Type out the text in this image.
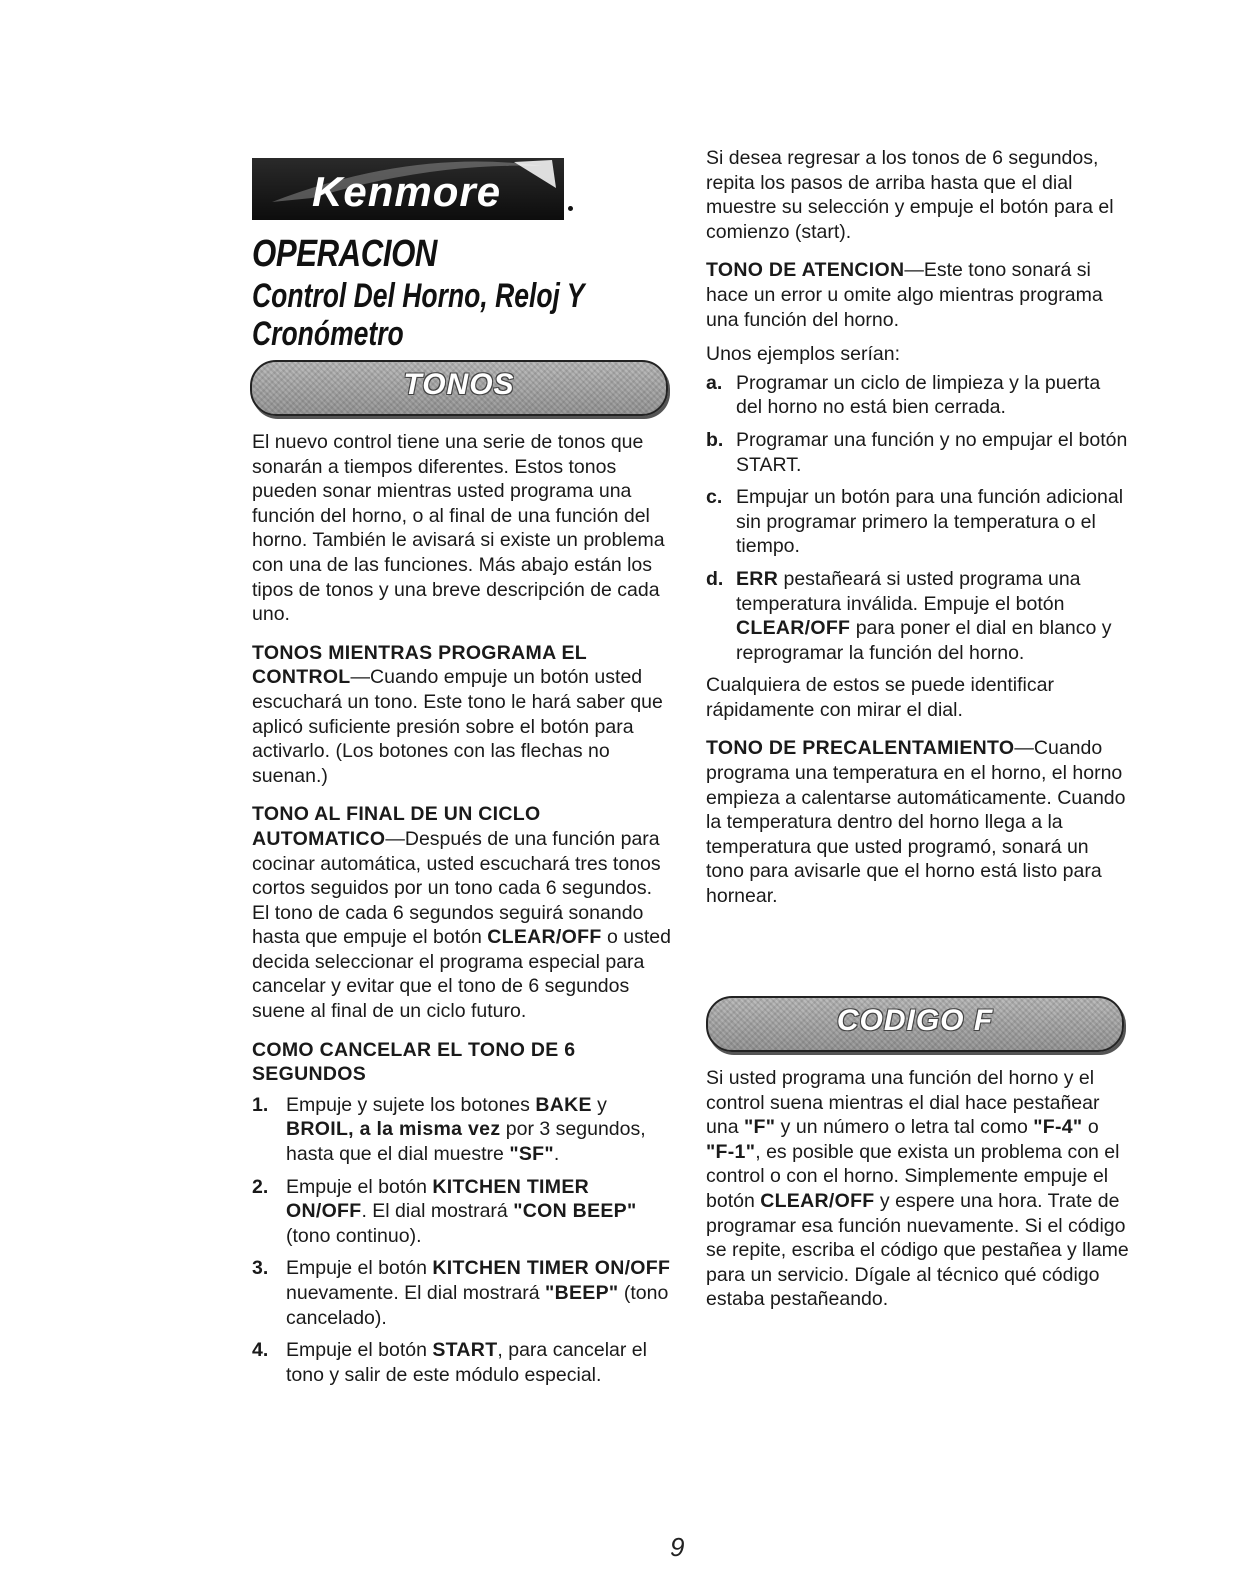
Kenmore
OPERACION
Control Del Horno, Reloj Y Cronómetro
TONOS

El nuevo control tiene una serie de tonos que sonarán a tiempos diferentes. Estos tonos pueden sonar mientras usted programa una función del horno, o al final de una función del horno. También le avisará si existe un problema con una de las funciones. Más abajo están los tipos de tonos y una breve descripción de cada uno.

TONOS MIENTRAS PROGRAMA EL CONTROL—Cuando empuje un botón usted escuchará un tono. Este tono le hará saber que aplicó suficiente presión sobre el botón para activarlo. (Los botones con las flechas no suenan.)

TONO AL FINAL DE UN CICLO AUTOMATICO—Después de una función para cocinar automática, usted escuchará tres tonos cortos seguidos por un tono cada 6 segundos. El tono de cada 6 segundos seguirá sonando hasta que empuje el botón CLEAR/OFF o usted decida seleccionar el programa especial para cancelar y evitar que el tono de 6 segundos suene al final de un ciclo futuro.

COMO CANCELAR EL TONO DE 6 SEGUNDOS

1. Empuje y sujete los botones BAKE y BROIL, a la misma vez por 3 segundos, hasta que el dial muestre "SF".
2. Empuje el botón KITCHEN TIMER ON/OFF. El dial mostrará "CON BEEP" (tono continuo).
3. Empuje el botón KITCHEN TIMER ON/OFF nuevamente. El dial mostrará "BEEP" (tono cancelado).
4. Empuje el botón START, para cancelar el tono y salir de este módulo especial.

Si desea regresar a los tonos de 6 segundos, repita los pasos de arriba hasta que el dial muestre su selección y empuje el botón para el comienzo (start).

TONO DE ATENCION—Este tono sonará si hace un error u omite algo mientras programa una función del horno.

Unos ejemplos serían:

a. Programar un ciclo de limpieza y la puerta del horno no está bien cerrada.
b. Programar una función y no empujar el botón START.
c. Empujar un botón para una función adicional sin programar primero la temperatura o el tiempo.
d. ERR pestañeará si usted programa una temperatura inválida. Empuje el botón CLEAR/OFF para poner el dial en blanco y reprogramar la función del horno.

Cualquiera de estos se puede identificar rápidamente con mirar el dial.

TONO DE PRECALENTAMIENTO—Cuando programa una temperatura en el horno, el horno empieza a calentarse automáticamente. Cuando la temperatura dentro del horno llega a la temperatura que usted programó, sonará un tono para avisarle que el horno está listo para hornear.

CODIGO F

Si usted programa una función del horno y el control suena mientras el dial hace pestañear una "F" y un número o letra tal como "F-4" o "F-1", es posible que exista un problema con el control o con el horno. Simplemente empuje el botón CLEAR/OFF y espere una hora. Trate de programar esa función nuevamente. Si el código se repite, escriba el código que pestañea y llame para un servicio. Dígale al técnico qué código estaba pestañeando.

9
